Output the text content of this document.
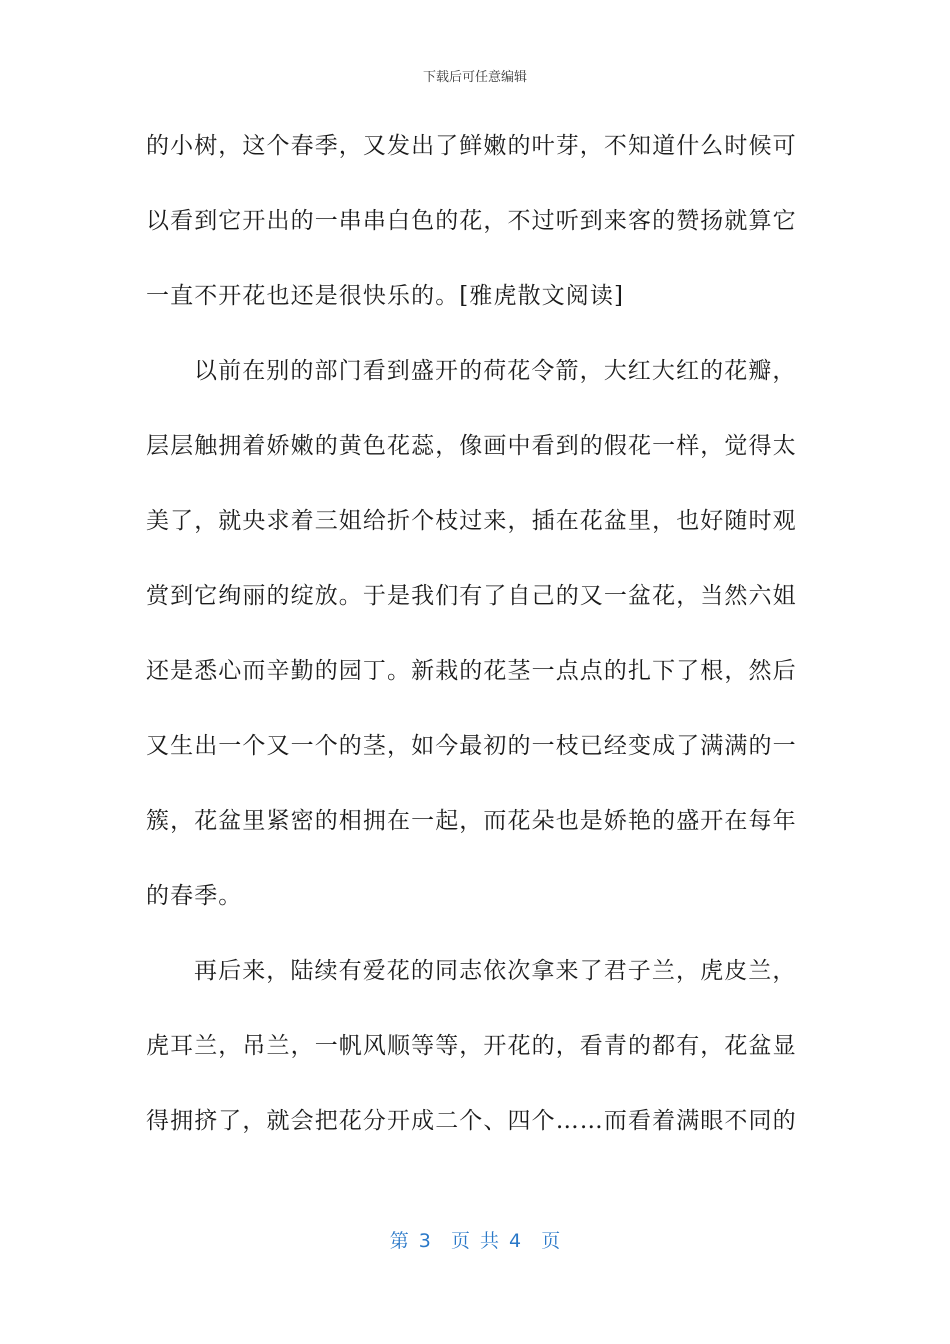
下载后可任意编辑
的小树，这个春季，又发出了鲜嫩的叶芽，不知道什么时候可
以看到它开出的一串串白色的花，不过听到来客的赞扬就算它
一直不开花也还是很快乐的。[雅虎散文阅读]
以前在别的部门看到盛开的荷花令箭，大红大红的花瓣，
层层触拥着娇嫩的黄色花蕊，像画中看到的假花一样，觉得太
美了，就央求着三姐给折个枝过来，插在花盆里，也好随时观
赏到它绚丽的绽放。于是我们有了自己的又一盆花，当然六姐
还是悉心而辛勤的园丁。新栽的花茎一点点的扎下了根，然后
又生出一个又一个的茎，如今最初的一枝已经变成了满满的一
簇，花盆里紧密的相拥在一起，而花朵也是娇艳的盛开在每年
的春季。
再后来，陆续有爱花的同志依次拿来了君子兰，虎皮兰，
虎耳兰，吊兰，一帆风顺等等，开花的，看青的都有，花盆显
得拥挤了，就会把花分开成二个、四个……而看着满眼不同的
第 3  页 共 4  页
